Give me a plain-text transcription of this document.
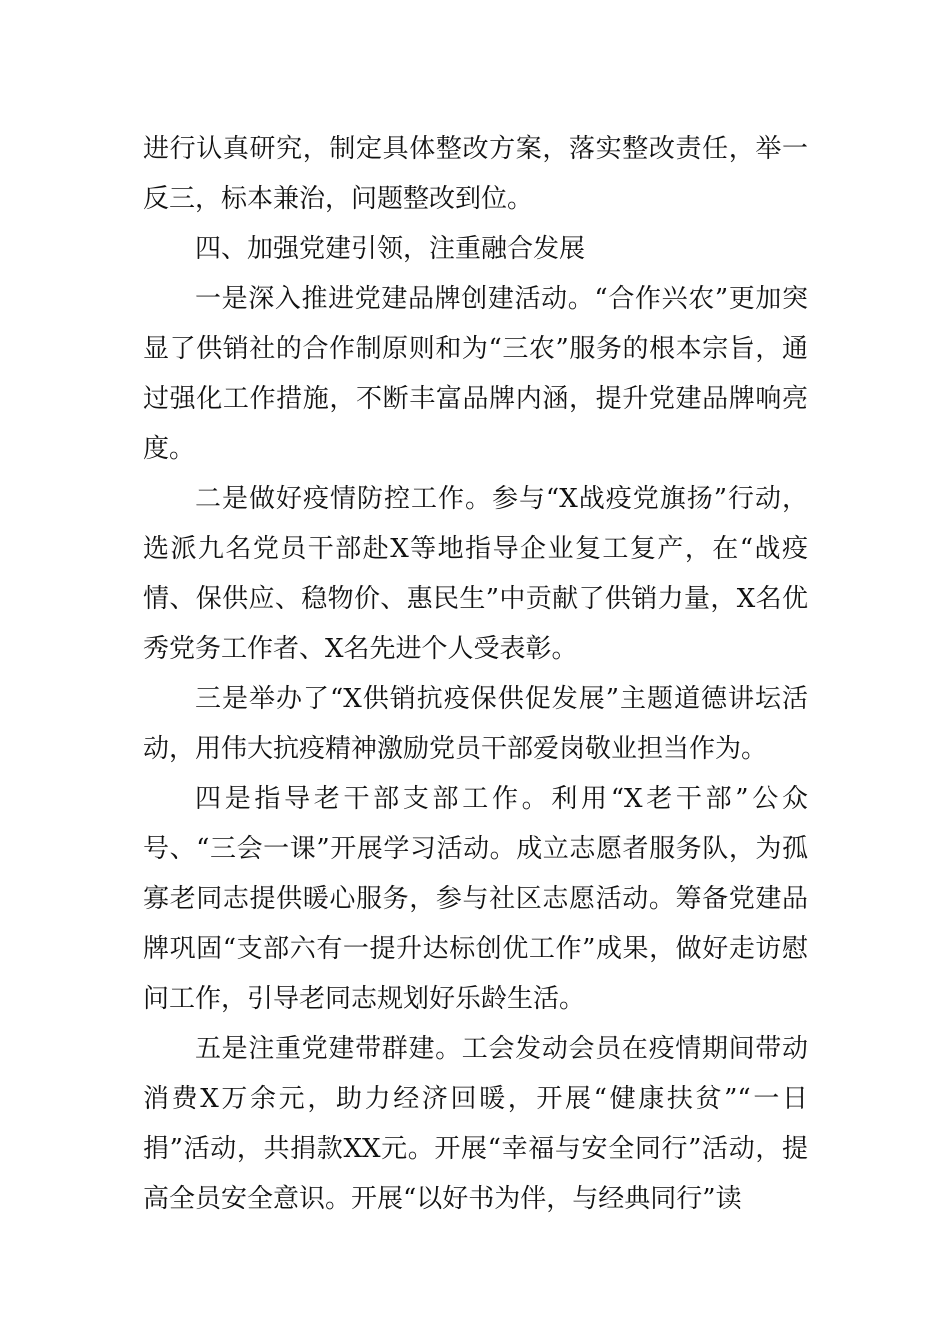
进行认真研究，制定具体整改方案，落实整改责任，举一反三，标本兼治，问题整改到位。

四、加强党建引领，注重融合发展

一是深入推进党建品牌创建活动。“合作兴农”更加突显了供销社的合作制原则和为“三农”服务的根本宗旨，通过强化工作措施，不断丰富品牌内涵，提升党建品牌响亮度。

二是做好疫情防控工作。参与“X战疫党旗扬”行动，选派九名党员干部赴X等地指导企业复工复产，在“战疫情、保供应、稳物价、惠民生”中贡献了供销力量，X名优秀党务工作者、X名先进个人受表彰。

三是举办了“X供销抗疫保供促发展”主题道德讲坛活动，用伟大抗疫精神激励党员干部爱岗敬业担当作为。

四是指导老干部支部工作。利用“X老干部”公众号、“三会一课”开展学习活动。成立志愿者服务队，为孤寡老同志提供暖心服务，参与社区志愿活动。筹备党建品牌巩固“支部六有一提升达标创优工作”成果，做好走访慰问工作，引导老同志规划好乐龄生活。

五是注重党建带群建。工会发动会员在疫情期间带动消费X万余元，助力经济回暖，开展“健康扶贫”“一日捐”活动，共捐款XX元。开展“幸福与安全同行”活动，提高全员安全意识。开展“以好书为伴，与经典同行”读
